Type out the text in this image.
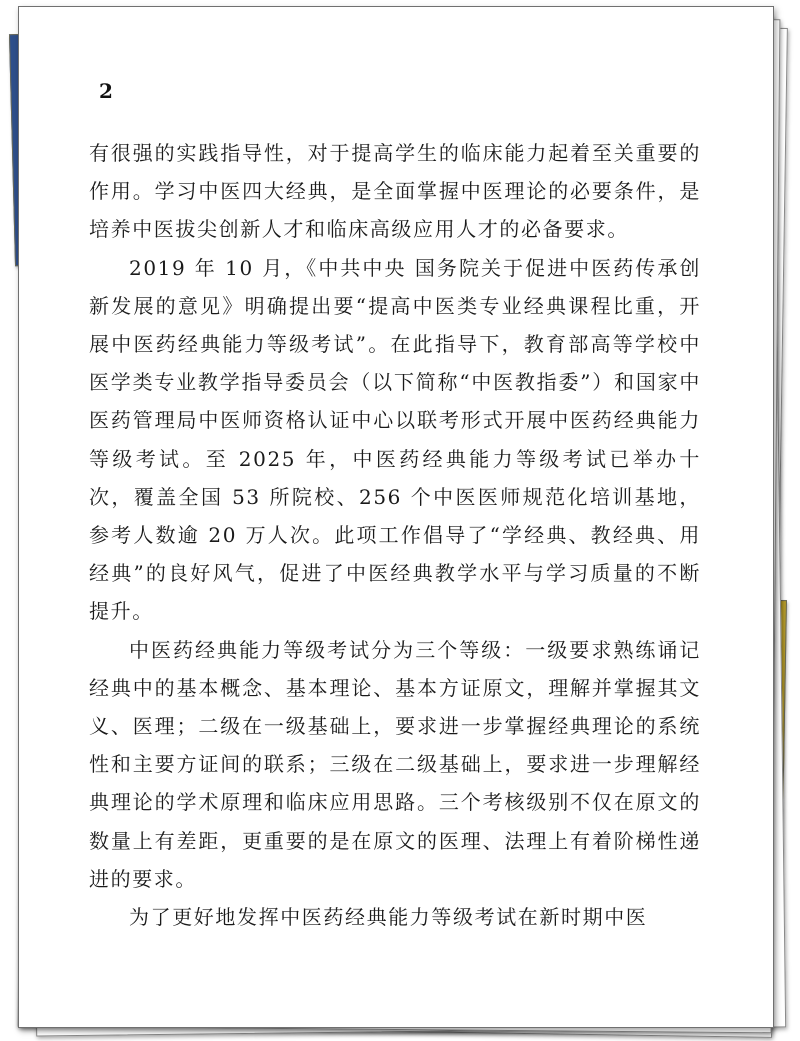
2

有很强的实践指导性，对于提高学生的临床能力起着至关重要的作用。学习中医四大经典，是全面掌握中医理论的必要条件，是培养中医拔尖创新人才和临床高级应用人才的必备要求。

2019 年 10 月，《中共中央 国务院关于促进中医药传承创新发展的意见》明确提出要“提高中医类专业经典课程比重，开展中医药经典能力等级考试”。在此指导下，教育部高等学校中医学类专业教学指导委员会（以下简称“中医教指委”）和国家中医药管理局中医师资格认证中心以联考形式开展中医药经典能力等级考试。至 2025 年，中医药经典能力等级考试已举办十次，覆盖全国 53 所院校、256 个中医医师规范化培训基地，参考人数逾 20 万人次。此项工作倡导了“学经典、教经典、用经典”的良好风气，促进了中医经典教学水平与学习质量的不断提升。

中医药经典能力等级考试分为三个等级：一级要求熟练诵记经典中的基本概念、基本理论、基本方证原文，理解并掌握其文义、医理；二级在一级基础上，要求进一步掌握经典理论的系统性和主要方证间的联系；三级在二级基础上，要求进一步理解经典理论的学术原理和临床应用思路。三个考核级别不仅在原文的数量上有差距，更重要的是在原文的医理、法理上有着阶梯性递进的要求。

为了更好地发挥中医药经典能力等级考试在新时期中医
